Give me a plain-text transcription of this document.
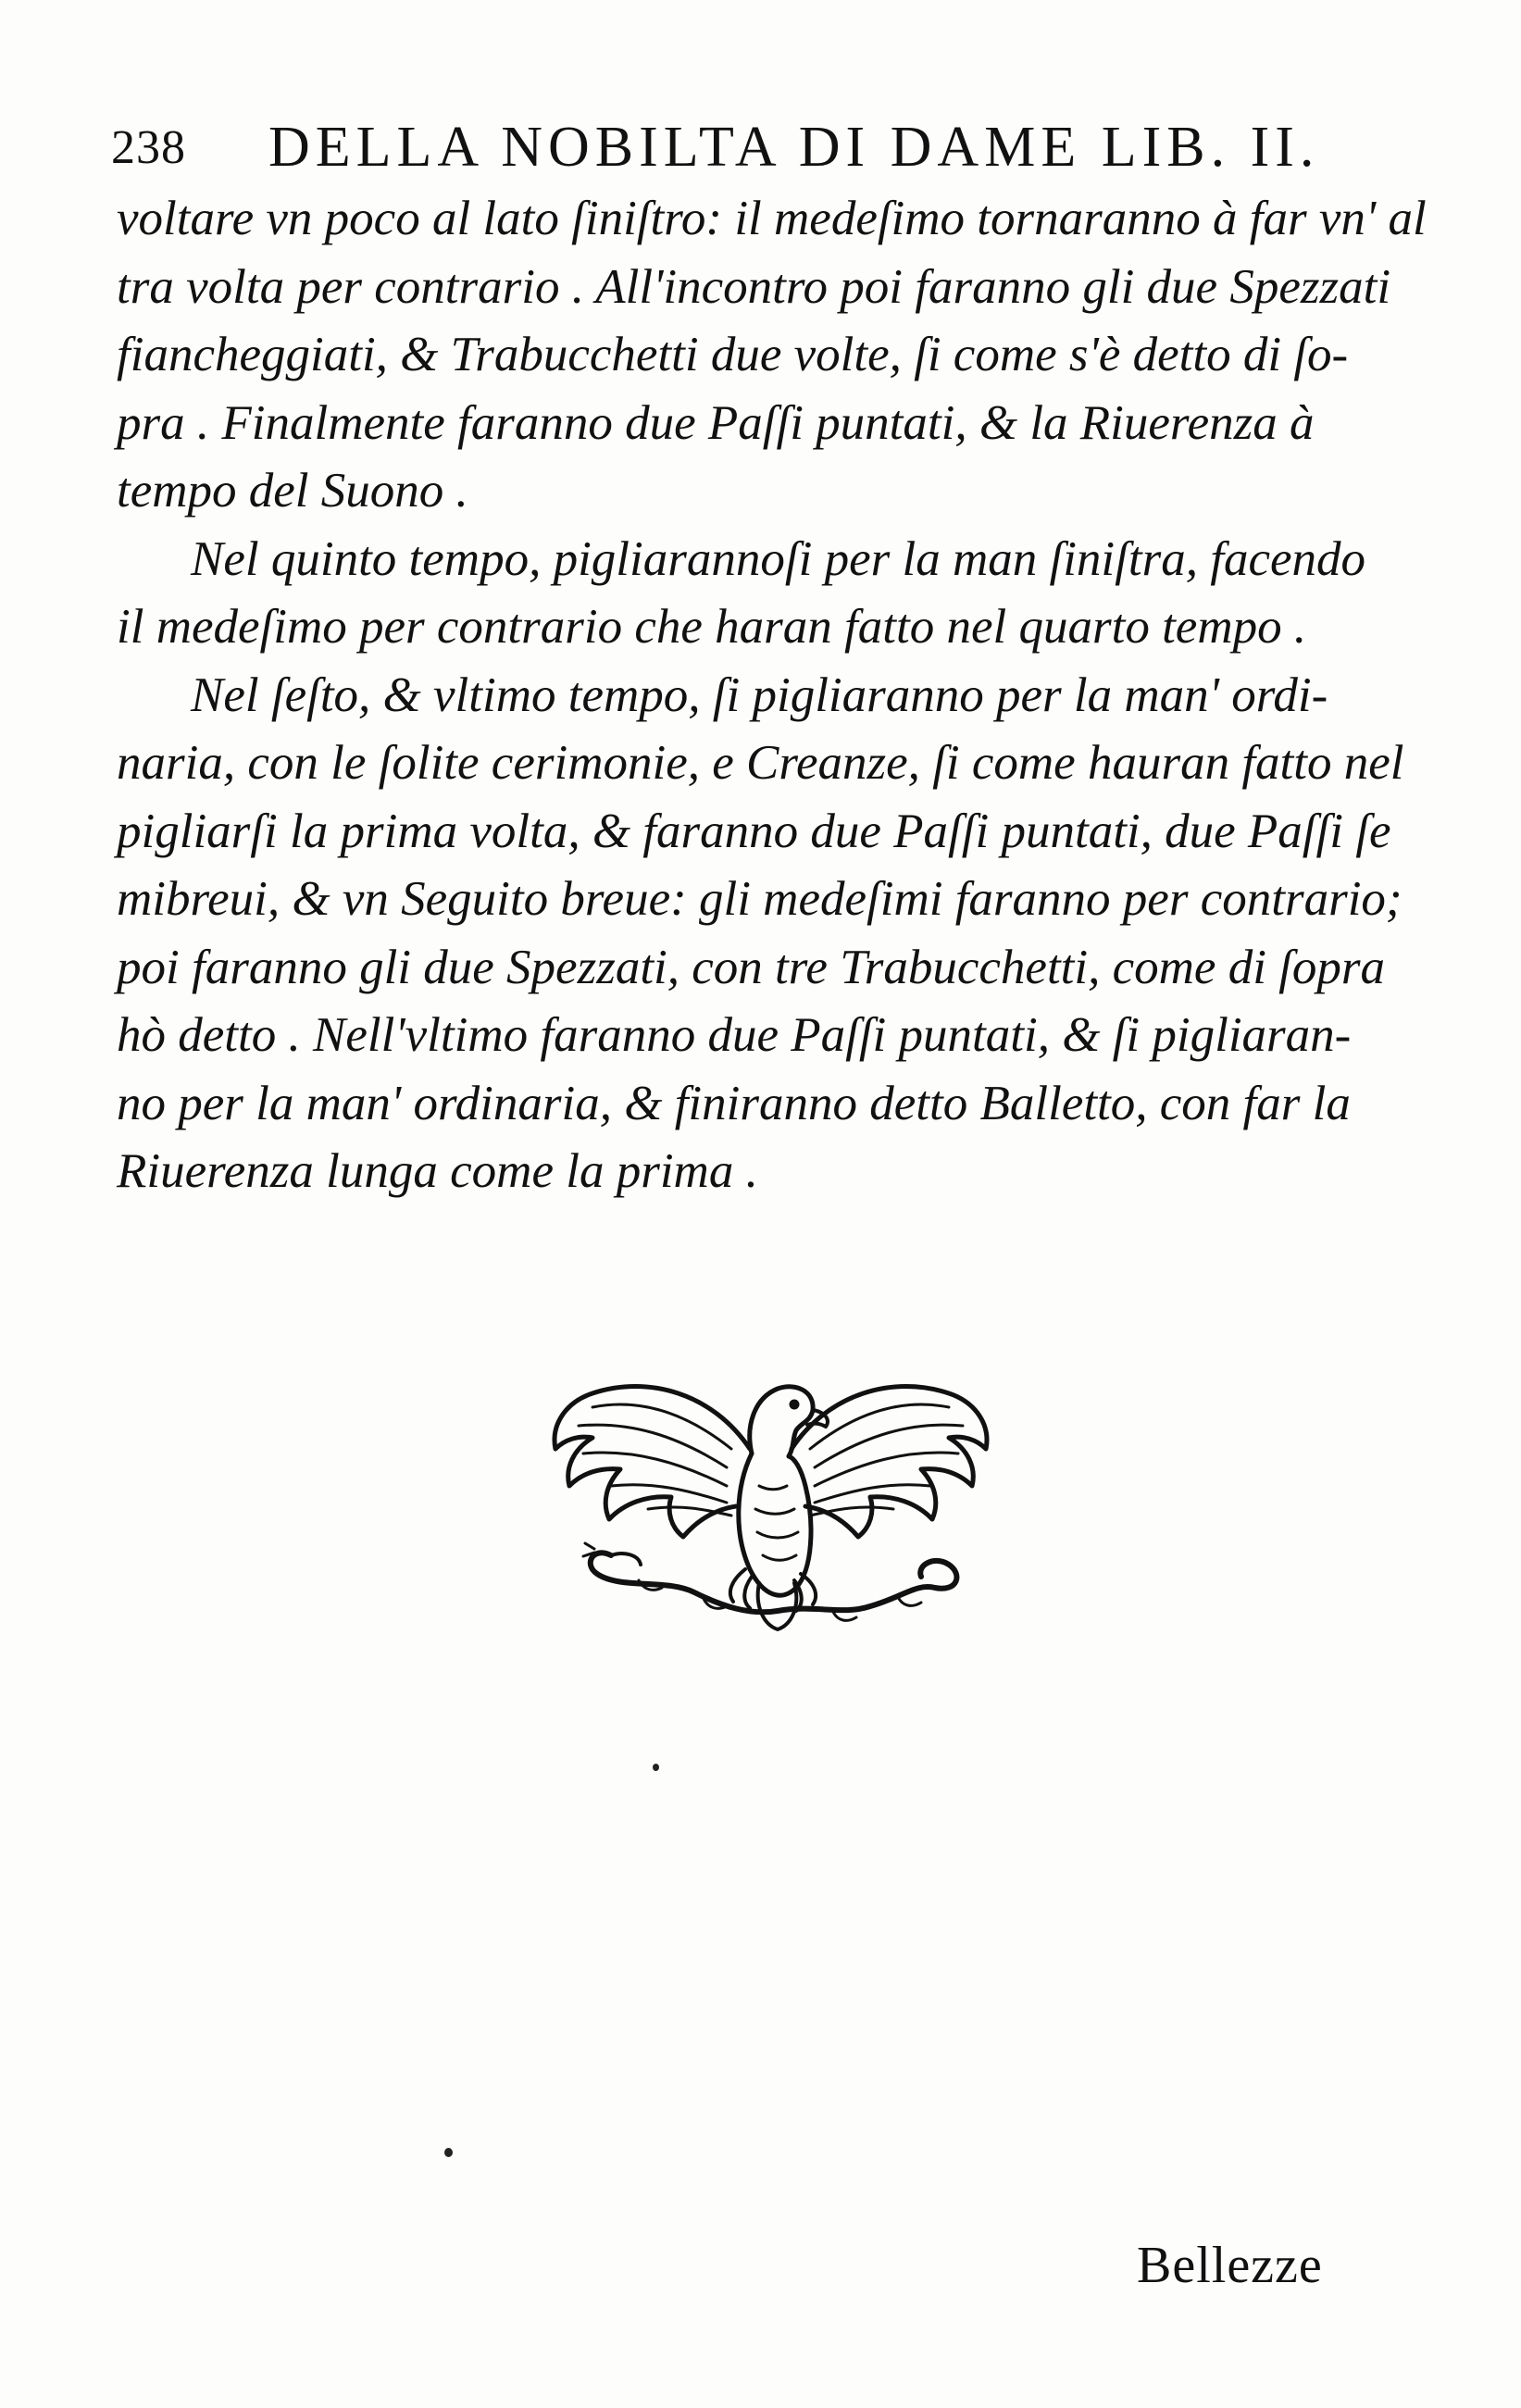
238 DELLA NOBILTA DI DAME LIB. II.
voltare vn poco al lato ſiniſtro: il medeſimo tornaranno à far vn' al
tra volta per contrario . All'incontro poi faranno gli due Spezzati
fiancheggiati, & Trabucchetti due volte, ſi come s'è detto di ſo-
pra . Finalmente faranno due Paſſi puntati, & la Riuerenza à
tempo del Suono .
Nel quinto tempo, pigliarannoſi per la man ſiniſtra, facendo
il medeſimo per contrario che haran fatto nel quarto tempo .
Nel ſeſto, & vltimo tempo, ſi pigliaranno per la man' ordi-
naria, con le ſolite cerimonie, e Creanze, ſi come hauran fatto nel
pigliarſi la prima volta, & faranno due Paſſi puntati, due Paſſi ſe
mibreui, & vn Seguito breue: gli medeſimi faranno per contrario;
poi faranno gli due Spezzati, con tre Trabucchetti, come di ſopra
hò detto . Nell'vltimo faranno due Paſſi puntati, & ſi pigliaran-
no per la man' ordinaria, & finiranno detto Balletto, con far la
Riuerenza lunga come la prima .
Bellezze
